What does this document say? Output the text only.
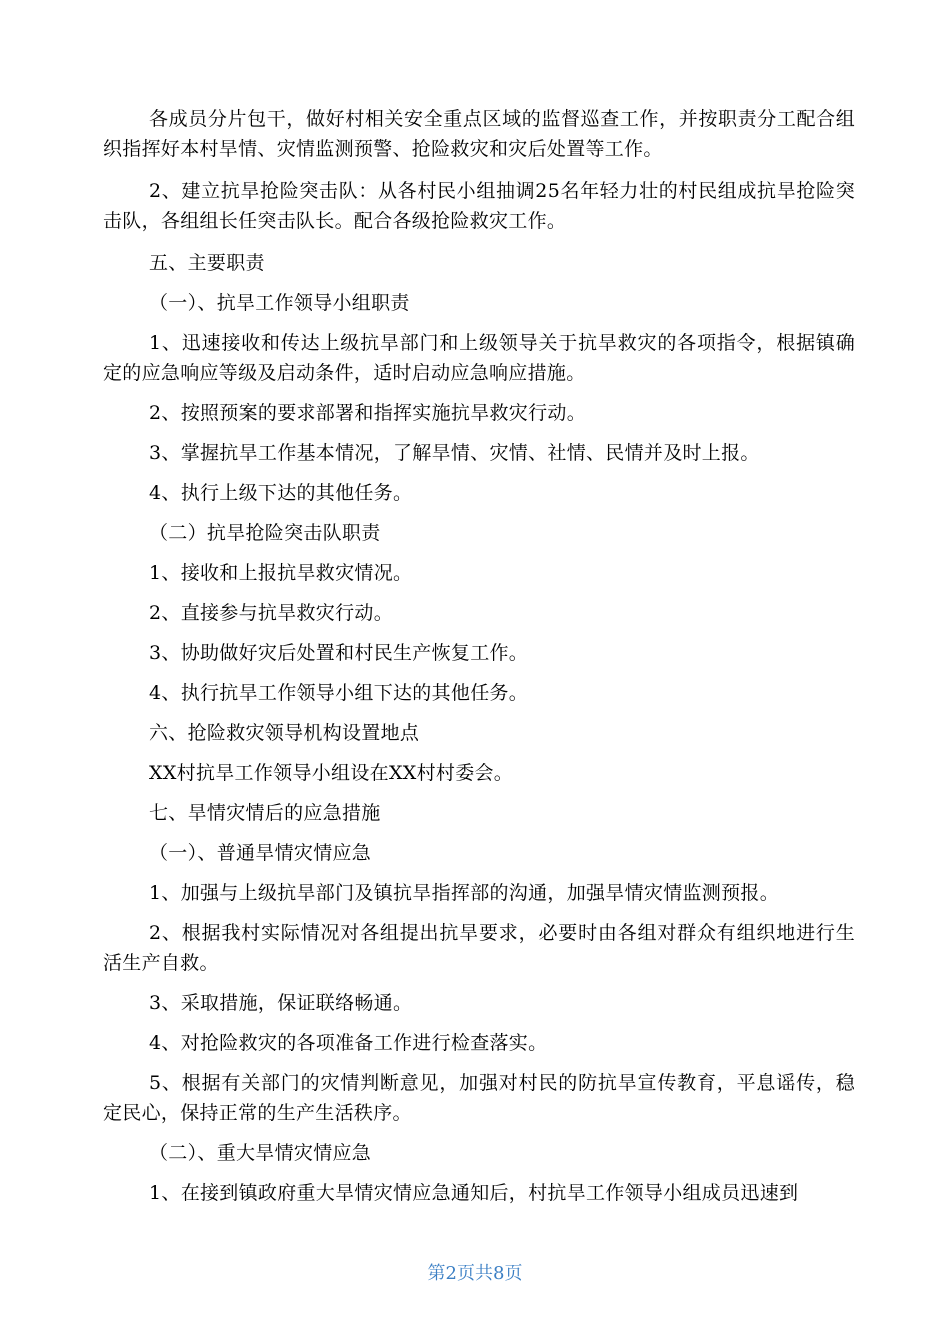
各成员分片包干，做好村相关安全重点区域的监督巡查工作，并按职责分工配合组织指挥好本村旱情、灾情监测预警、抢险救灾和灾后处置等工作。

2、建立抗旱抢险突击队：从各村民小组抽调25名年轻力壮的村民组成抗旱抢险突击队，各组组长任突击队长。配合各级抢险救灾工作。

五、主要职责

（一）、抗旱工作领导小组职责

1、迅速接收和传达上级抗旱部门和上级领导关于抗旱救灾的各项指令，根据镇确定的应急响应等级及启动条件，适时启动应急响应措施。

2、按照预案的要求部署和指挥实施抗旱救灾行动。

3、掌握抗旱工作基本情况，了解旱情、灾情、社情、民情并及时上报。

4、执行上级下达的其他任务。

（二）抗旱抢险突击队职责

1、接收和上报抗旱救灾情况。

2、直接参与抗旱救灾行动。

3、协助做好灾后处置和村民生产恢复工作。

4、执行抗旱工作领导小组下达的其他任务。

六、抢险救灾领导机构设置地点

XX村抗旱工作领导小组设在XX村村委会。

七、旱情灾情后的应急措施

（一）、普通旱情灾情应急

1、加强与上级抗旱部门及镇抗旱指挥部的沟通，加强旱情灾情监测预报。

2、根据我村实际情况对各组提出抗旱要求，必要时由各组对群众有组织地进行生活生产自救。

3、采取措施，保证联络畅通。

4、对抢险救灾的各项准备工作进行检查落实。

5、根据有关部门的灾情判断意见，加强对村民的防抗旱宣传教育，平息谣传，稳定民心，保持正常的生产生活秩序。

（二）、重大旱情灾情应急

1、在接到镇政府重大旱情灾情应急通知后，村抗旱工作领导小组成员迅速到

第2页共8页
